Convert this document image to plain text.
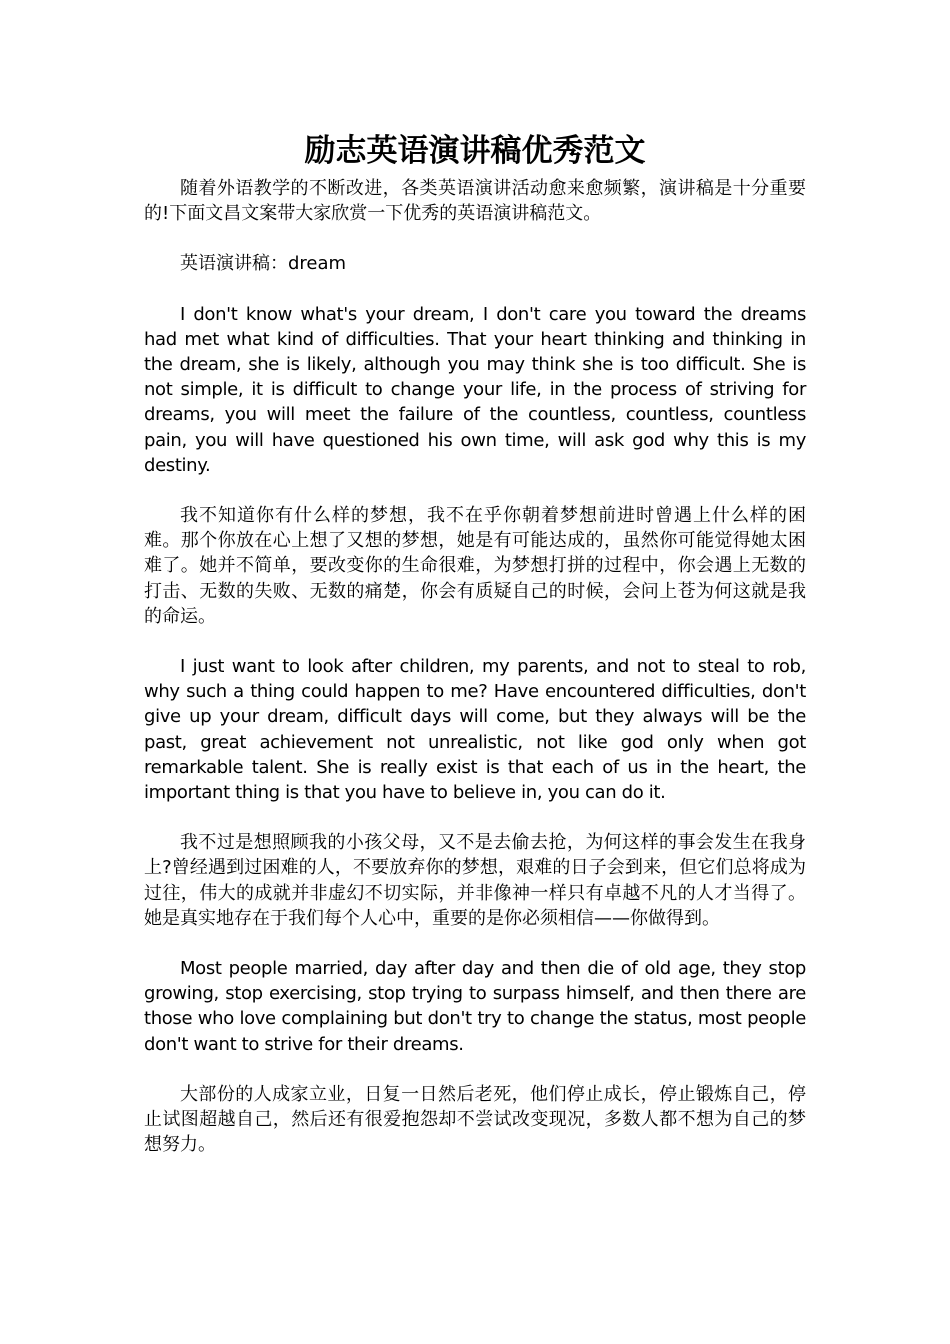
励志英语演讲稿优秀范文

随着外语教学的不断改进，各类英语演讲活动愈来愈频繁，演讲稿是十分重要的!下面文昌文案带大家欣赏一下优秀的英语演讲稿范文。

英语演讲稿：dream

I don't know what's your dream, I don't care you toward the dreams had met what kind of difficulties. That your heart thinking and thinking in the dream, she is likely, although you may think she is too difficult. She is not simple, it is difficult to change your life, in the process of striving for dreams, you will meet the failure of the countless, countless, countless pain, you will have questioned his own time, will ask god why this is my destiny.

我不知道你有什么样的梦想，我不在乎你朝着梦想前进时曾遇上什么样的困难。那个你放在心上想了又想的梦想，她是有可能达成的，虽然你可能觉得她太困难了。她并不简单，要改变你的生命很难，为梦想打拼的过程中，你会遇上无数的打击、无数的失败、无数的痛楚，你会有质疑自己的时候，会问上苍为何这就是我的命运。

I just want to look after children, my parents, and not to steal to rob, why such a thing could happen to me? Have encountered difficulties, don't give up your dream, difficult days will come, but they always will be the past, great achievement not unrealistic, not like god only when got remarkable talent. She is really exist is that each of us in the heart, the important thing is that you have to believe in, you can do it.

我不过是想照顾我的小孩父母，又不是去偷去抢，为何这样的事会发生在我身上?曾经遇到过困难的人，不要放弃你的梦想，艰难的日子会到来，但它们总将成为过往，伟大的成就并非虚幻不切实际，并非像神一样只有卓越不凡的人才当得了。她是真实地存在于我们每个人心中，重要的是你必须相信——你做得到。

Most people married, day after day and then die of old age, they stop growing, stop exercising, stop trying to surpass himself, and then there are those who love complaining but don't try to change the status, most people don't want to strive for their dreams.

大部份的人成家立业，日复一日然后老死，他们停止成长，停止锻炼自己，停止试图超越自己，然后还有很爱抱怨却不尝试改变现况，多数人都不想为自己的梦想努力。
